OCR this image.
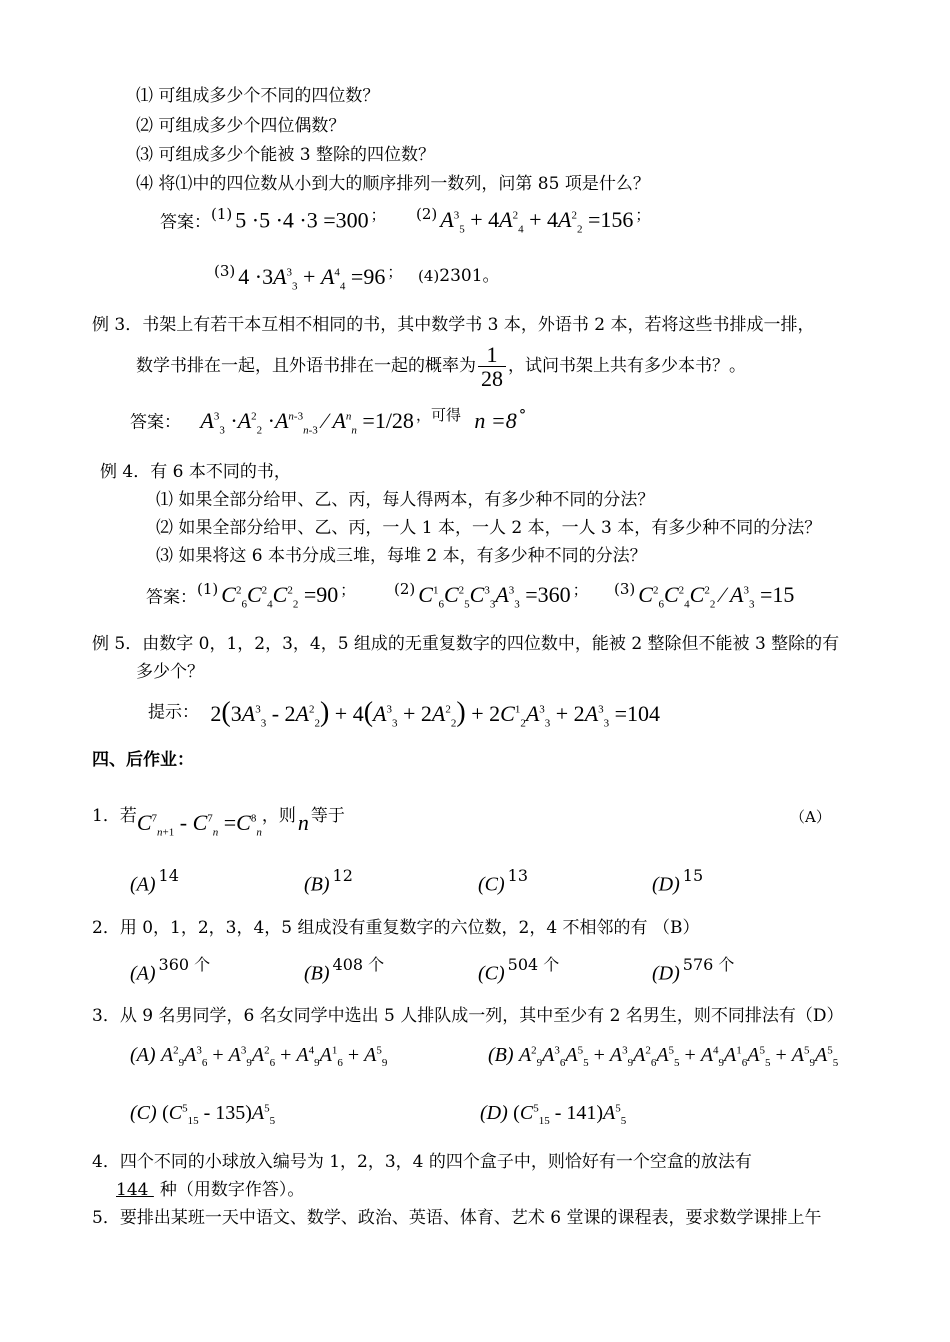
⑴ 可组成多少个不同的四位数？
⑵ 可组成多少个四位偶数？
⑶ 可组成多少个能被 3 整除的四位数？
⑷ 将⑴中的四位数从小到大的顺序排列一数列，问第 85 项是什么？
答案：(1) 5 ·5 ·4 ·3 =300 ； (2) $A^3_5 + 4A^2_4 + 4A^2_2 =156$ ；
(3) $4 \cdot 3A^3_3 + A^4_4 =96$ ； (4)2301。
例 3．书架上有若干本互相不相同的书，其中数学书 3 本，外语书 2 本，若将这些书排成一排，
数学书排在一起，且外语书排在一起的概率为 $\frac{1}{28}$ ，试问书架上共有多少本书？。
答案： $A^3_3 \cdot A^2_2 \cdot A^{n-3}_{n-3}$ ∕ $A^n_n =1/28$ ，可得 n =8 °
例 4．有 6 本不同的书，
⑴ 如果全部分给甲、乙、丙，每人得两本，有多少种不同的分法？
⑵ 如果全部分给甲、乙、丙，一人 1 本，一人 2 本，一人 3 本，有多少种不同的分法？
⑶ 如果将这 6 本书分成三堆，每堆 2 本，有多少种不同的分法？
答案：(1) $C^2_6C^2_4C^2_2 =90$ ；	(2) $C^1_6C^2_5C^3_3A^3_3 =360$ ； (3) $C^2_6C^2_4C^2_2$ ∕ $A^3_3 =15$
例 5．由数字 0，1，2，3，4，5 组成的无重复数字的四位数中，能被 2 整除但不能被 3 整除的有
多少个？
提示： $2(3A^3_3 - 2A^2_2) + 4(A^3_3 + 2A^2_2) + 2C^1_2A^3_3 + 2A^3_3 =104$
四、后作业：
1．若$C^7_{n+1} - C^7_n =C^8_n$，则n 等于	（A）
(A) 14	(B) 12	(C) 13	(D) 15
2．用 0，1，2，3，4，5 组成没有重复数字的六位数，2，4 不相邻的有 （B）
(A) 360 个	(B) 408 个	(C) 504 个	(D) 576 个
3．从 9 名男同学，6 名女同学中选出 5 人排队成一列，其中至少有 2 名男生，则不同排法有（D）
(A) $A^2_9A^3_6 + A^3_9A^2_6 + A^4_9A^1_6 + A^5_9$	(B) $A^2_9A^3_6A^5_5 + A^3_9A^2_6A^5_5 + A^4_9A^1_6A^5_5 + A^5_9A^5_5$
(C) $(C^5_{15} - 135)A^5_5$	(D) $(C^5_{15} - 141)A^5_5$
4．四个不同的小球放入编号为 1，2，3，4 的四个盒子中，则恰好有一个空盒的放法有
144 种（用数字作答）。
5．要排出某班一天中语文、数学、政治、英语、体育、艺术 6 堂课的课程表，要求数学课排上午
